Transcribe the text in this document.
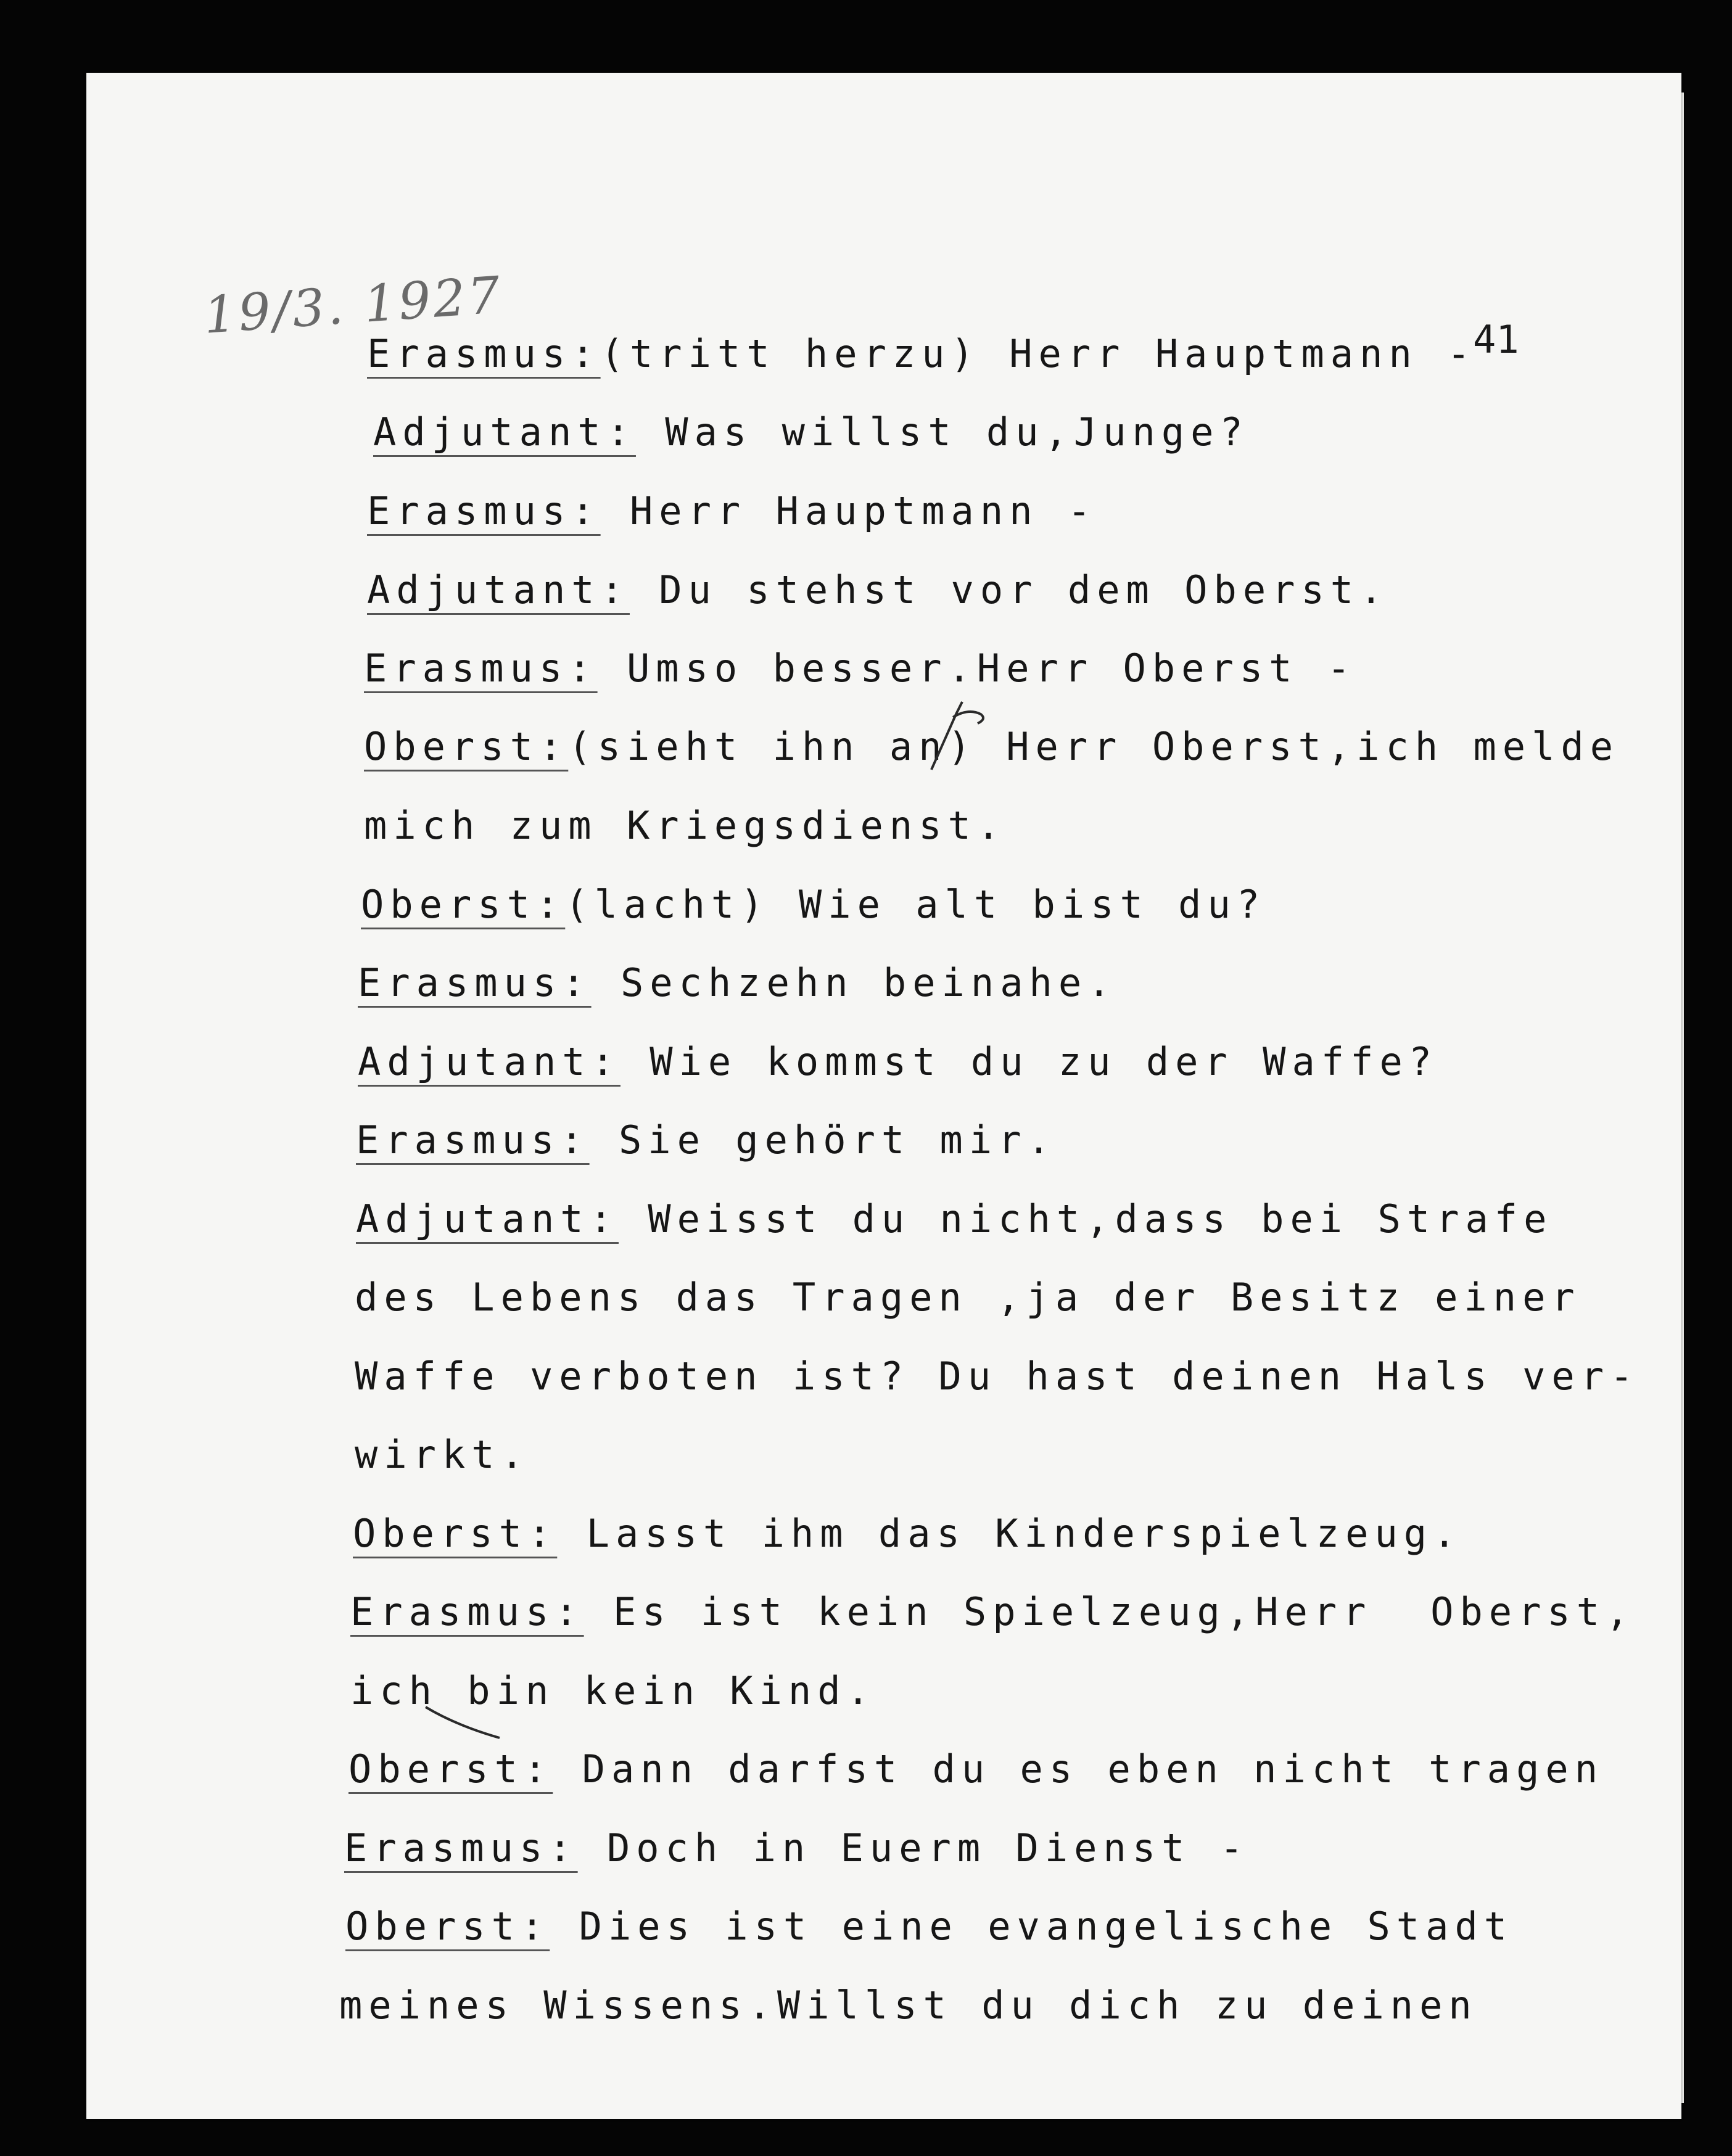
19/3. 1927	41
Erasmus:(tritt herzu) Herr Hauptmann -
Adjutant: Was willst du,Junge?
Erasmus: Herr Hauptmann -
Adjutant: Du stehst vor dem Oberst.
Erasmus: Umso besser.Herr Oberst -
Oberst:(sieht ihn an) Herr Oberst,ich melde
mich zum Kriegsdienst.
Oberst:(lacht) Wie alt bist du?
Erasmus: Sechzehn beinahe.
Adjutant: Wie kommst du zu der Waffe?
Erasmus: Sie gehört mir.
Adjutant: Weisst du nicht,dass bei Strafe
des Lebens das Tragen ,ja der Besitz einer
Waffe verboten ist? Du hast deinen Hals ver-
wirkt.
Oberst: Lasst ihm das Kinderspielzeug.
Erasmus: Es ist kein Spielzeug,Herr  Oberst,
ich bin kein Kind.
Oberst: Dann darfst du es eben nicht tragen
Erasmus: Doch in Euerm Dienst -
Oberst: Dies ist eine evangelische Stadt
meines Wissens.Willst du dich zu deinen
